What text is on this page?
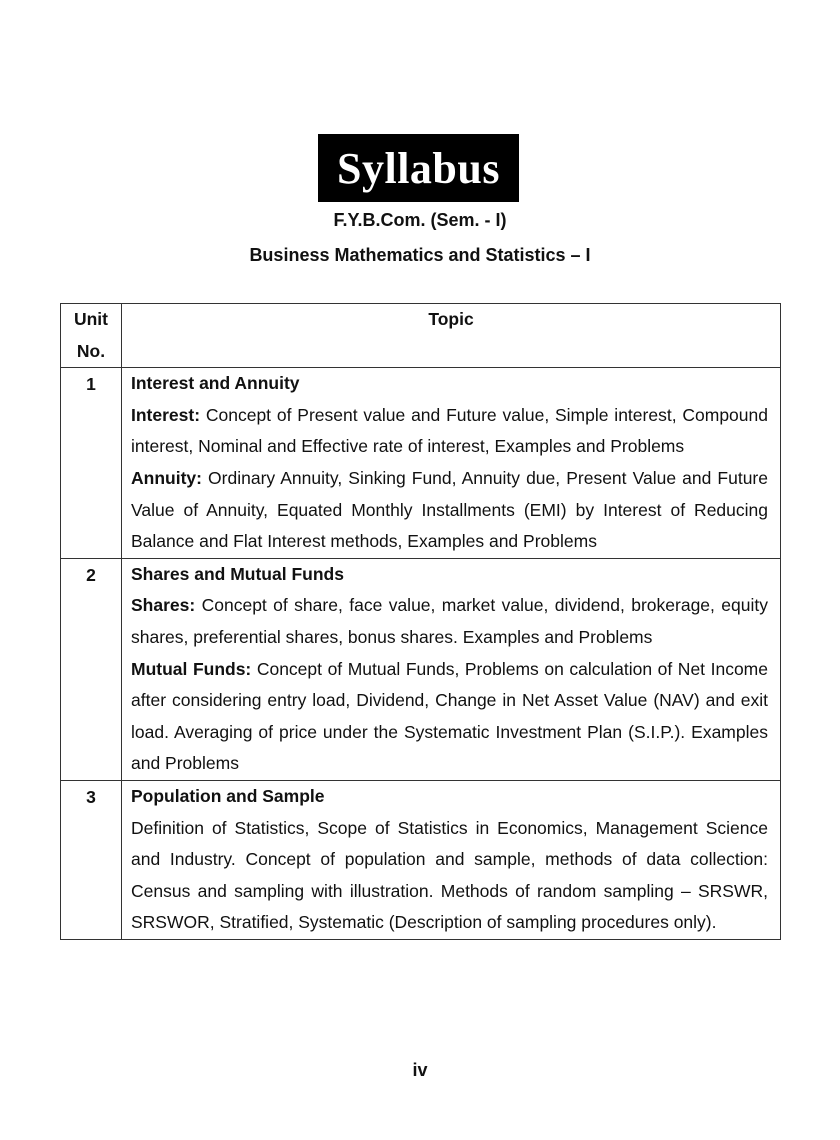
Syllabus
F.Y.B.Com. (Sem. - I)
Business Mathematics and Statistics – I
Unit No.	Topic
1	Interest and Annuity
Interest: Concept of Present value and Future value, Simple interest, Compound interest, Nominal and Effective rate of interest, Examples and Problems
Annuity: Ordinary Annuity, Sinking Fund, Annuity due, Present Value and Future Value of Annuity, Equated Monthly Installments (EMI) by Interest of Reducing Balance and Flat Interest methods, Examples and Problems

2	Shares and Mutual Funds
Shares: Concept of share, face value, market value, dividend, brokerage, equity shares, preferential shares, bonus shares. Examples and Problems
Mutual Funds: Concept of Mutual Funds, Problems on calculation of Net Income after considering entry load, Dividend, Change in Net Asset Value (NAV) and exit load. Averaging of price under the Systematic Investment Plan (S.I.P.). Examples and Problems

3	Population and Sample
Definition of Statistics, Scope of Statistics in Economics, Management Science and Industry. Concept of population and sample, methods of data collection: Census and sampling with illustration. Methods of random sampling – SRSWR, SRSWOR, Stratified, Systematic (Description of sampling procedures only).
iv
